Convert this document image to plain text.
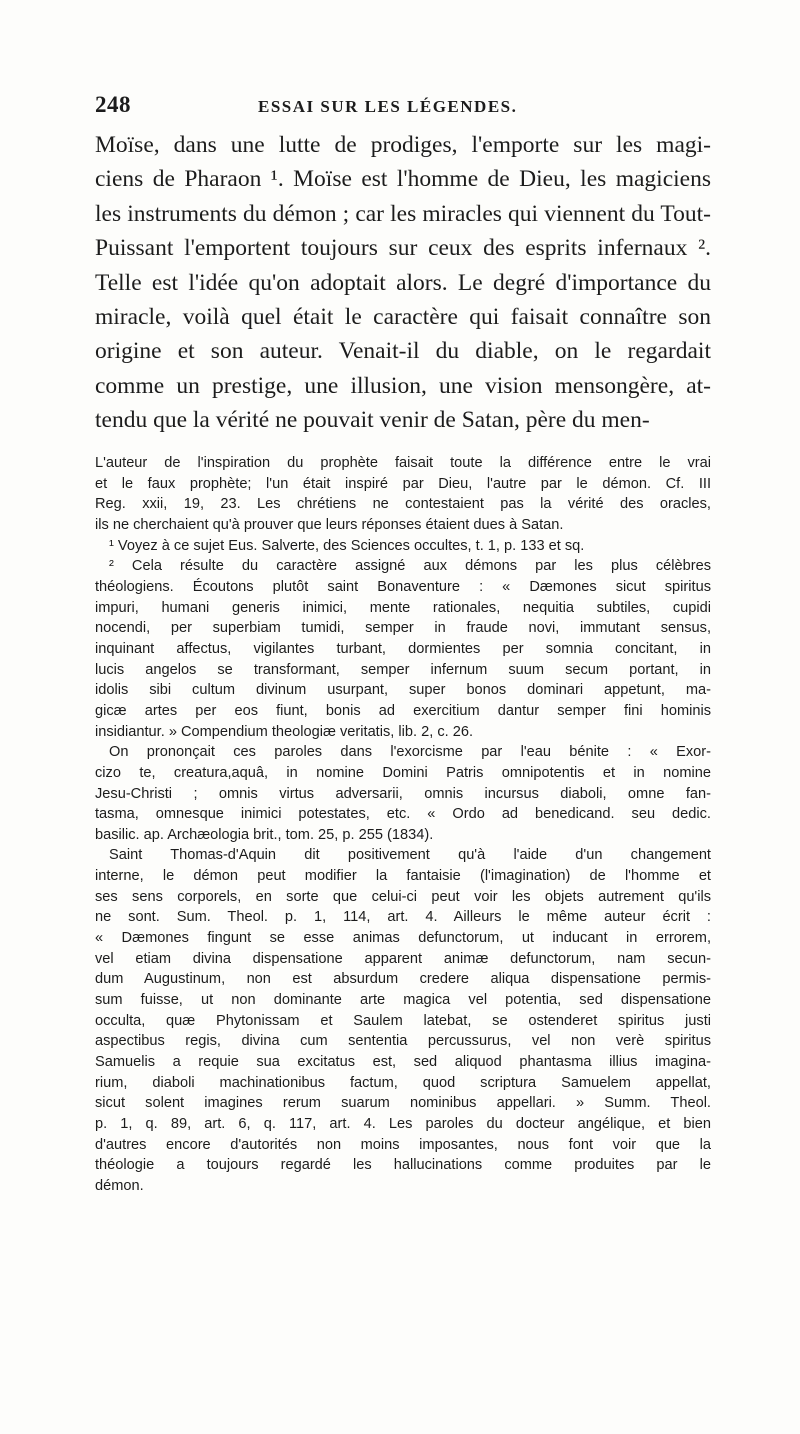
248	ESSAI SUR LES LÉGENDES.
Moïse, dans une lutte de prodiges, l'emporte sur les magi-
ciens de Pharaon ¹. Moïse est l'homme de Dieu, les magiciens
les instruments du démon ; car les miracles qui viennent du Tout-
Puissant l'emportent toujours sur ceux des esprits infernaux ².
Telle est l'idée qu'on adoptait alors. Le degré d'importance du
miracle, voilà quel était le caractère qui faisait connaître son
origine et son auteur. Venait-il du diable, on le regardait
comme un prestige, une illusion, une vision mensongère, at-
tendu que la vérité ne pouvait venir de Satan, père du men-
L'auteur de l'inspiration du prophète faisait toute la différence entre le vrai
et le faux prophète; l'un était inspiré par Dieu, l'autre par le démon. Cf. III
Reg. xxii, 19, 23. Les chrétiens ne contestaient pas la vérité des oracles,
ils ne cherchaient qu'à prouver que leurs réponses étaient dues à Satan.
¹ Voyez à ce sujet Eus. Salverte, des Sciences occultes, t. 1, p. 133 et sq.
² Cela résulte du caractère assigné aux démons par les plus célèbres
théologiens. Écoutons plutôt saint Bonaventure : « Dæmones sicut spiritus
impuri, humani generis inimici, mente rationales, nequitia subtiles, cupidi
nocendi, per superbiam tumidi, semper in fraude novi, immutant sensus,
inquinant affectus, vigilantes turbant, dormientes per somnia concitant, in
lucis angelos se transformant, semper infernum suum secum portant, in
idolis sibi cultum divinum usurpant, super bonos dominari appetunt, ma-
gicæ artes per eos fiunt, bonis ad exercitium dantur semper fini hominis
insidiantur. » Compendium theologiæ veritatis, lib. 2, c. 26.
On prononçait ces paroles dans l'exorcisme par l'eau bénite : « Exor-
cizo te, creatura,aquâ, in nomine Domini Patris omnipotentis et in nomine
Jesu-Christi ; omnis virtus adversarii, omnis incursus diaboli, omne fan-
tasma, omnesque inimici potestates, etc. « Ordo ad benedicand. seu dedic.
basilic. ap. Archæologia brit., tom. 25, p. 255 (1834).
Saint Thomas-d'Aquin dit positivement qu'à l'aide d'un changement
interne, le démon peut modifier la fantaisie (l'imagination) de l'homme et
ses sens corporels, en sorte que celui-ci peut voir les objets autrement qu'ils
ne sont. Sum. Theol. p. 1, 114, art. 4. Ailleurs le même auteur écrit :
« Dæmones fingunt se esse animas defunctorum, ut inducant in errorem,
vel etiam divina dispensatione apparent animæ defunctorum, nam secun-
dum Augustinum, non est absurdum credere aliqua dispensatione permis-
sum fuisse, ut non dominante arte magica vel potentia, sed dispensatione
occulta, quæ Phytonissam et Saulem latebat, se ostenderet spiritus justi
aspectibus regis, divina cum sententia percussurus, vel non verè spiritus
Samuelis a requie sua excitatus est, sed aliquod phantasma illius imagina-
rium, diaboli machinationibus factum, quod scriptura Samuelem appellat,
sicut solent imagines rerum suarum nominibus appellari. » Summ. Theol.
p. 1, q. 89, art. 6, q. 117, art. 4. Les paroles du docteur angélique, et bien
d'autres encore d'autorités non moins imposantes, nous font voir que la
théologie a toujours regardé les hallucinations comme produites par le
démon.
